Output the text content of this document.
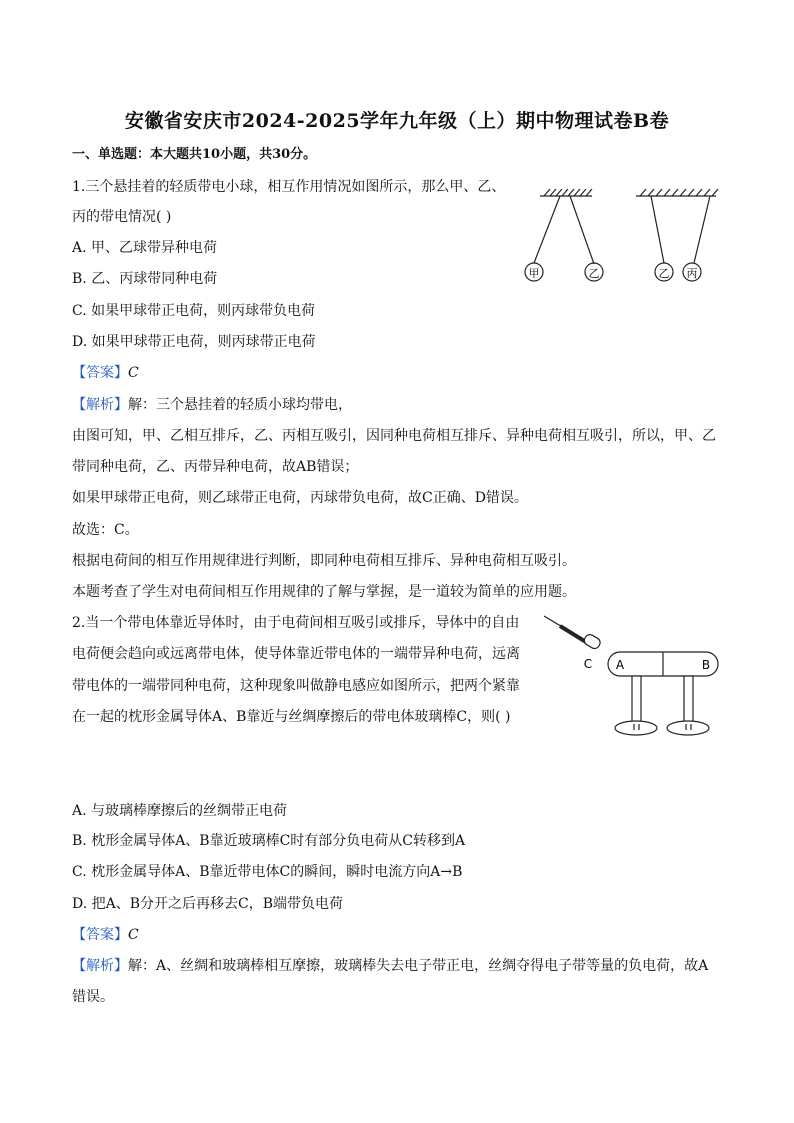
安徽省安庆市2024-2025学年九年级（上）期中物理试卷B卷
一、单选题：本大题共10小题，共30分。
1.三个悬挂着的轻质带电小球，相互作用情况如图所示，那么甲、乙、
丙的带电情况( )
A. 甲、乙球带异种电荷
B. 乙、丙球带同种电荷
C. 如果甲球带正电荷，则丙球带负电荷
D. 如果甲球带正电荷，则丙球带正电荷
【答案】C
【解析】解：三个悬挂着的轻质小球均带电，
由图可知，甲、乙相互排斥，乙、丙相互吸引，因同种电荷相互排斥、异种电荷相互吸引，所以，甲、乙
带同种电荷，乙、丙带异种电荷，故AB错误；
如果甲球带正电荷，则乙球带正电荷，丙球带负电荷，故C正确、D错误。
故选：C。
根据电荷间的相互作用规律进行判断，即同种电荷相互排斥、异种电荷相互吸引。
本题考查了学生对电荷间相互作用规律的了解与掌握，是一道较为简单的应用题。
甲	乙	乙 丙
2.当一个带电体靠近导体时，由于电荷间相互吸引或排斥，导体中的自由
电荷便会趋向或远离带电体，使导体靠近带电体的一端带异种电荷，远离
带电体的一端带同种电荷，这种现象叫做静电感应如图所示，把两个紧靠
在一起的枕形金属导体A、B靠近与丝绸摩擦后的带电体玻璃棒C，则( )
C A	B
A. 与玻璃棒摩擦后的丝绸带正电荷
B. 枕形金属导体A、B靠近玻璃棒C时有部分负电荷从C转移到A
C. 枕形金属导体A、B靠近带电体C的瞬间，瞬时电流方向A→B
D. 把A、B分开之后再移去C，B端带负电荷
【答案】C
【解析】解：A、丝绸和玻璃棒相互摩擦，玻璃棒失去电子带正电，丝绸夺得电子带等量的负电荷，故A
错误。
